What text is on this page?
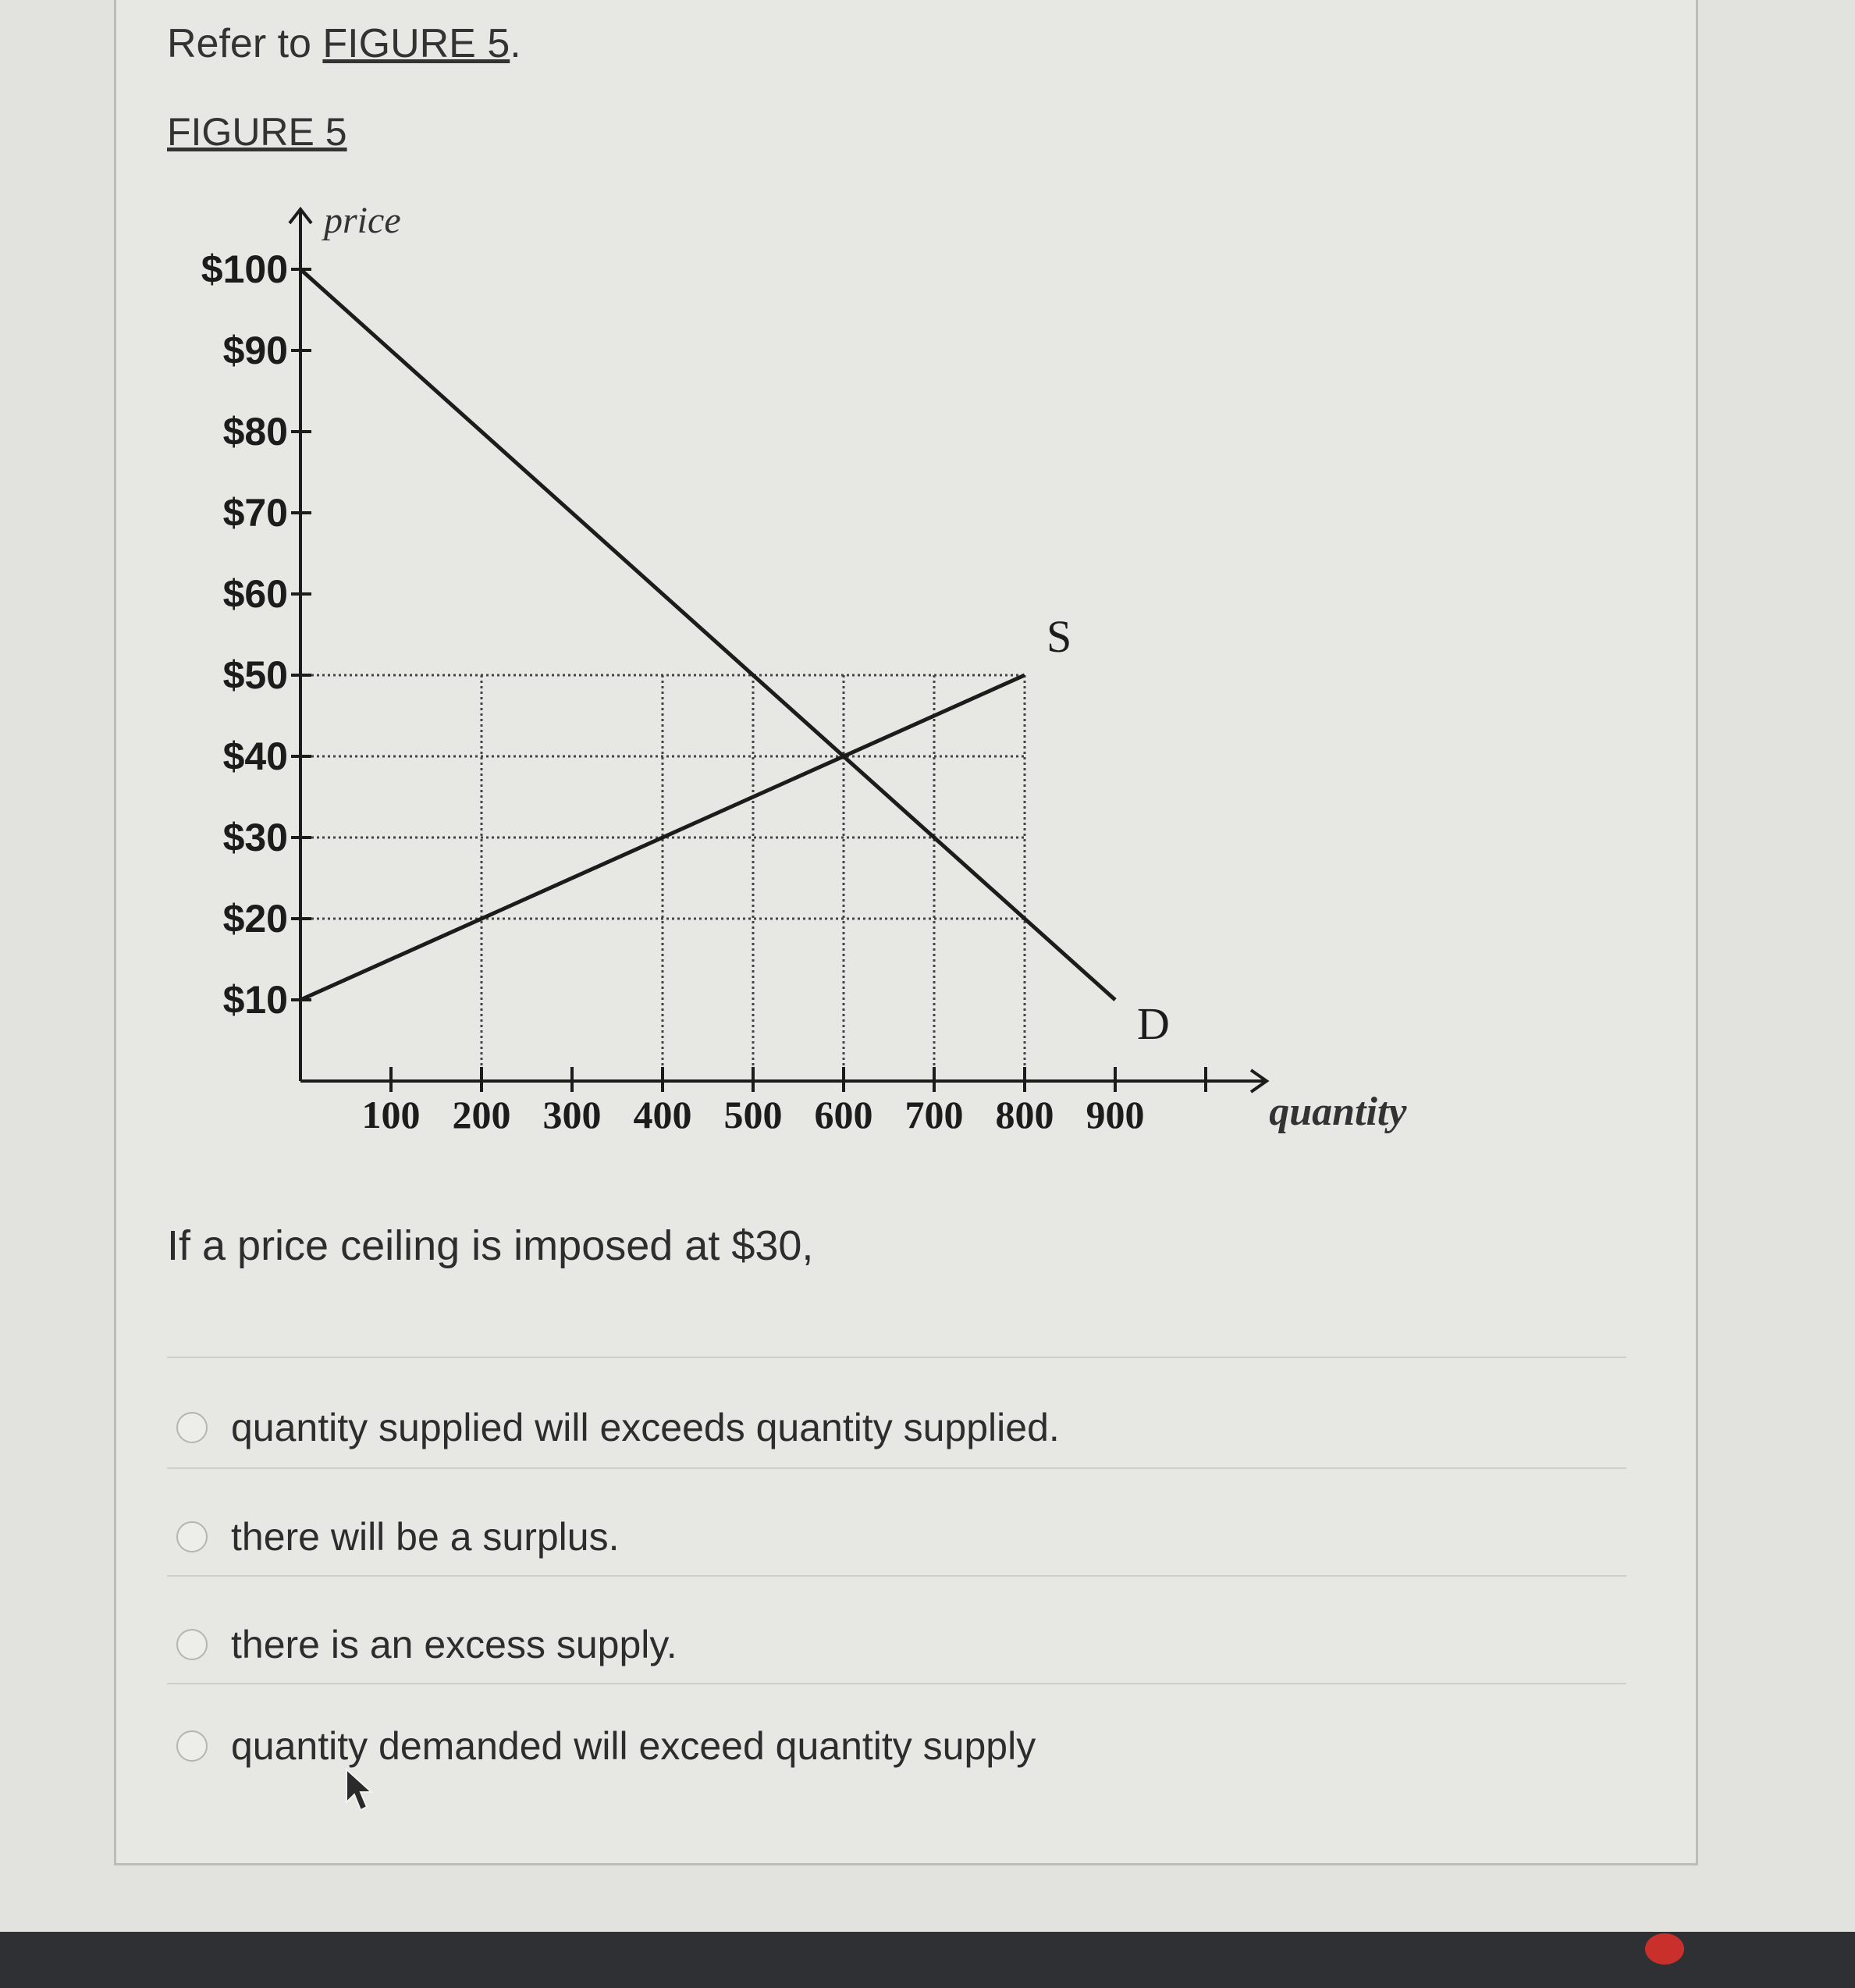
Refer to FIGURE 5.
FIGURE 5
$100
$90
$80
$70
$60
$50
$40
$30
$20
$10
100 200 300 400 500 600 700 800 900
price
quantity
S
D
If a price ceiling is imposed at $30,
quantity supplied will exceeds quantity supplied.
there will be a surplus.
there is an excess supply.
quantity demanded will exceed quantity supply
